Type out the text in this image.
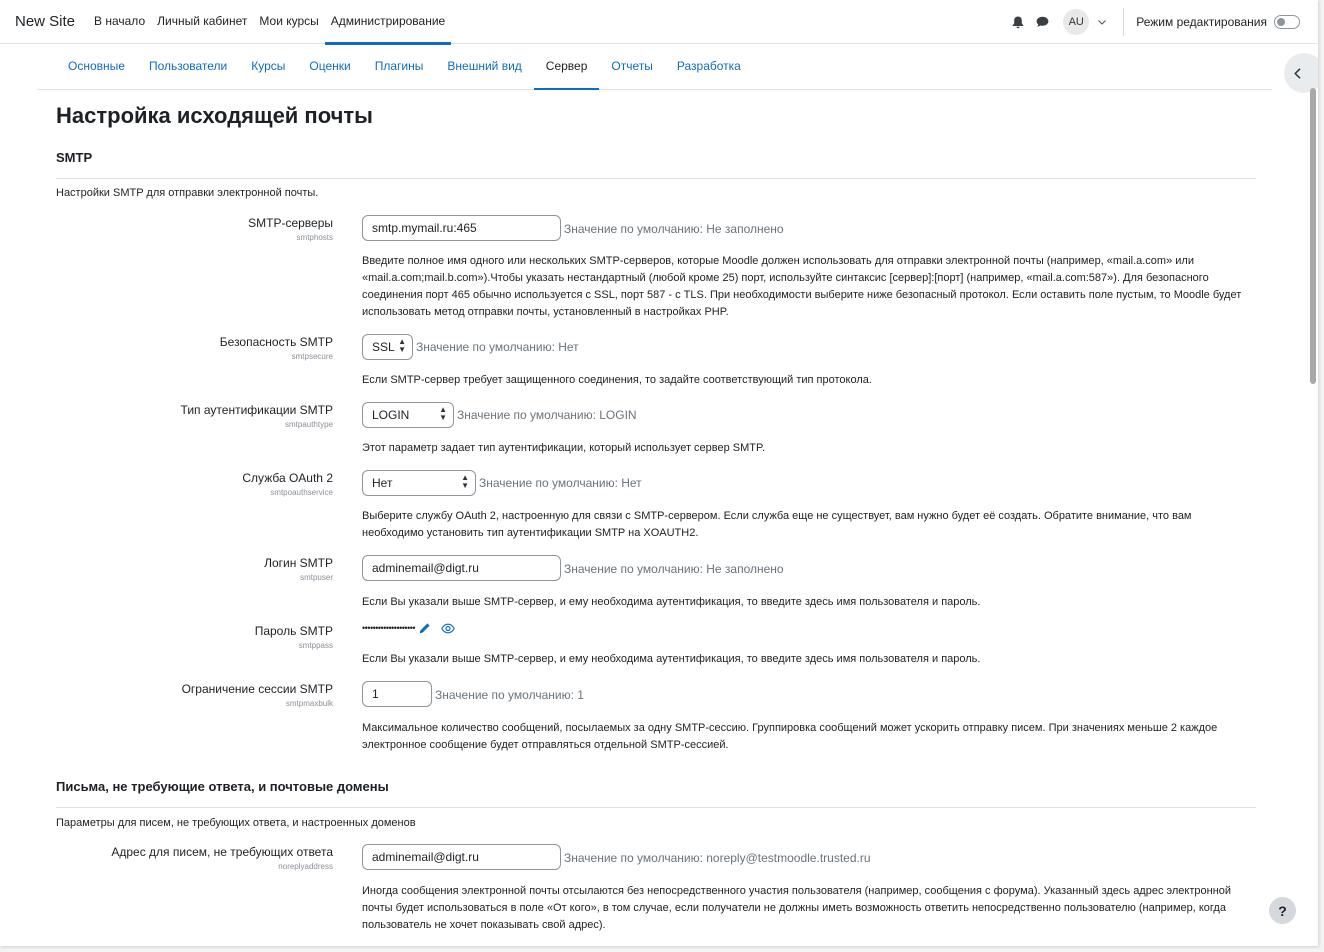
New Site	В начало	Личный кабинет	Мои курсы	Администрирование	AU	Режим редактирования
Основные	Пользователи	Курсы	Оценки	Плагины	Внешний вид	Сервер	Отчеты	Разработка
Настройка исходящей почты
SMTP
Настройки SMTP для отправки электронной почты.
SMTP-серверы
smtphosts
smtp.mymail.ru:465	Значение по умолчанию: Не заполнено

Введите полное имя одного или нескольких SMTP-серверов, которые Moodle должен использовать для отправки электронной почты (например, «mail.a.com» или «mail.a.com;mail.b.com»).Чтобы указать нестандартный (любой кроме 25) порт, используйте синтаксис [сервер]:[порт] (например, «mail.a.com:587»). Для безопасного соединения порт 465 обычно используется с SSL, порт 587 - с TLS. При необходимости выберите ниже безопасный протокол. Если оставить поле пустым, то Moodle будет использовать метод отправки почты, установленный в настройках PHP.

Безопасность SMTP
smtpsecure
SSL ▲
▼ Значение по умолчанию: Нет

Если SMTP-сервер требует защищенного соединения, то задайте соответствующий тип протокола.

Тип аутентификации SMTP
smtpauthtype
LOGIN	▲
▼ Значение по умолчанию: LOGIN

Этот параметр задает тип аутентификации, который использует сервер SMTP.

Служба OAuth 2
smtpoauthservice
Нет	▲
▼ Значение по умолчанию: Нет

Выберите службу OAuth 2, настроенную для связи с SMTP-сервером. Если служба еще не существует, вам нужно будет её создать. Обратите внимание, что вам необходимо установить тип аутентификации SMTP на XOAUTH2.

Логин SMTP
smtpuser
adminemail@digt.ru	Значение по умолчанию: Не заполнено

Если Вы указали выше SMTP-сервер, и ему необходима аутентификация, то введите здесь имя пользователя и пароль.

Пароль SMTP
smtppass
••••••••••••••••••••

Если Вы указали выше SMTP-сервер, и ему необходима аутентификация, то введите здесь имя пользователя и пароль.

Ограничение сессии SMTP
smtpmaxbulk
1	Значение по умолчанию: 1

Максимальное количество сообщений, посылаемых за одну SMTP-сессию. Группировка сообщений может ускорить отправку писем. При значениях меньше 2 каждое электронное сообщение будет отправляться отдельной SMTP-сессией.

Письма, не требующие ответа, и почтовые домены
Параметры для писем, не требующих ответа, и настроенных доменов
Адрес для писем, не требующих ответа
noreplyaddress
adminemail@digt.ru	Значение по умолчанию: noreply@testmoodle.trusted.ru

Иногда сообщения электронной почты отсылаются без непосредственного участия пользователя (например, сообщения с форума). Указанный здесь адрес электронной почты будет использоваться в поле «От кого», в том случае, если получатели не должны иметь возможность ответить непосредственно пользователю (например, когда пользователь не хочет показывать свой адрес).

?
